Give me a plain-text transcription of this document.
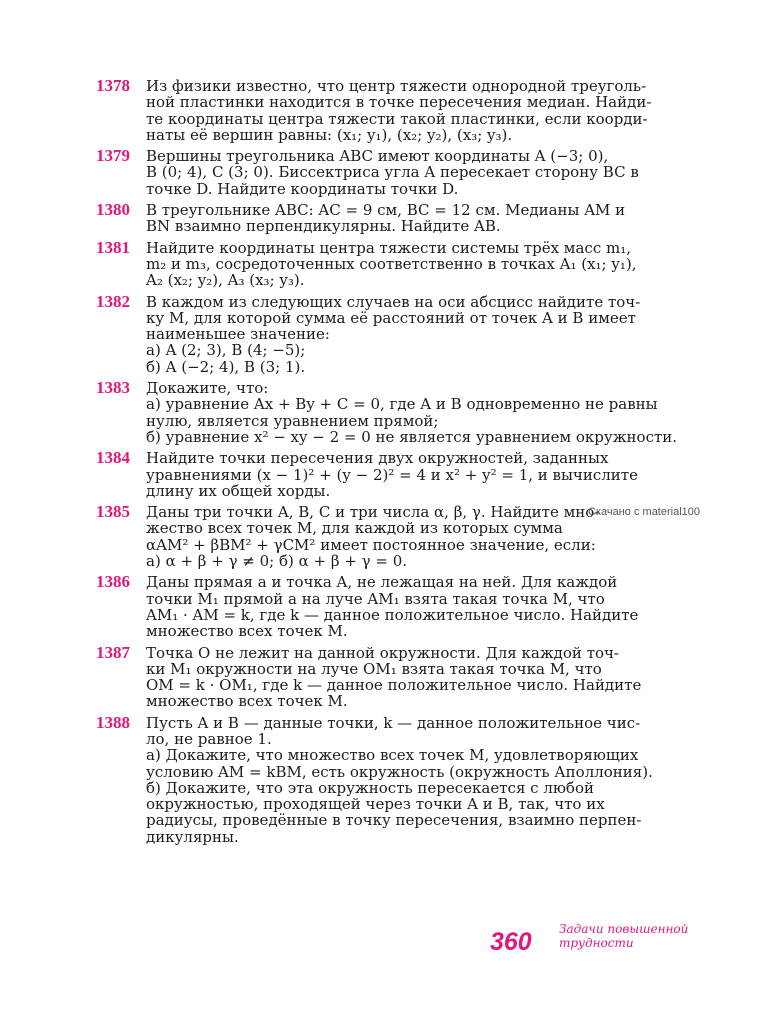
1378	Из физики известно, что центр тяжести однородной треуголь-
ной пластинки находится в точке пересечения медиан. Найди-
те координаты центра тяжести такой пластинки, если коорди-
наты её вершин равны: (x₁; y₁), (x₂; y₂), (x₃; y₃).
1379	Вершины треугольника ABC имеют координаты A (−3; 0),
B (0; 4), C (3; 0). Биссектриса угла A пересекает сторону BC в
точке D. Найдите координаты точки D.
1380	В треугольнике ABC: AC = 9 см, BC = 12 см. Медианы AM и
BN взаимно перпендикулярны. Найдите AB.
1381	Найдите координаты центра тяжести системы трёх масс m₁,
m₂ и m₃, сосредоточенных соответственно в точках A₁ (x₁; y₁),
A₂ (x₂; y₂), A₃ (x₃; y₃).
1382	В каждом из следующих случаев на оси абсцисс найдите точ-
ку M, для которой сумма её расстояний от точек A и B имеет
наименьшее значение:
а) A (2; 3), B (4; −5);
б) A (−2; 4), B (3; 1).
1383	Докажите, что:
а) уравнение Ax + By + C = 0, где A и B одновременно не равны
нулю, является уравнением прямой;
б) уравнение x² − xy − 2 = 0 не является уравнением окружности.
1384	Найдите точки пересечения двух окружностей, заданных
уравнениями (x − 1)² + (y − 2)² = 4 и x² + y² = 1, и вычислите
длину их общей хорды.
1385	Даны три точки A, B, C и три числа α, β, γ. Найдите мно-
жество всех точек M, для каждой из которых сумма
αAM² + βBM² + γCM² имеет постоянное значение, если:
а) α + β + γ ≠ 0; б) α + β + γ = 0.
1386	Даны прямая a и точка A, не лежащая на ней. Для каждой
точки M₁ прямой a на луче AM₁ взята такая точка M, что
AM₁ · AM = k, где k — данное положительное число. Найдите
множество всех точек M.
1387	Точка O не лежит на данной окружности. Для каждой точ-
ки M₁ окружности на луче OM₁ взята такая точка M, что
OM = k · OM₁, где k — данное положительное число. Найдите
множество всех точек M.
1388	Пусть A и B — данные точки, k — данное положительное чис-
ло, не равное 1.
а) Докажите, что множество всех точек M, удовлетворяющих
условию AM = kBM, есть окружность (окружность Аполлония).
б) Докажите, что эта окружность пересекается с любой
окружностью, проходящей через точки A и B, так, что их
радиусы, проведённые в точку пересечения, взаимно перпен-
дикулярны.
Скачано с material100
360 Задачи повышенной
трудности
